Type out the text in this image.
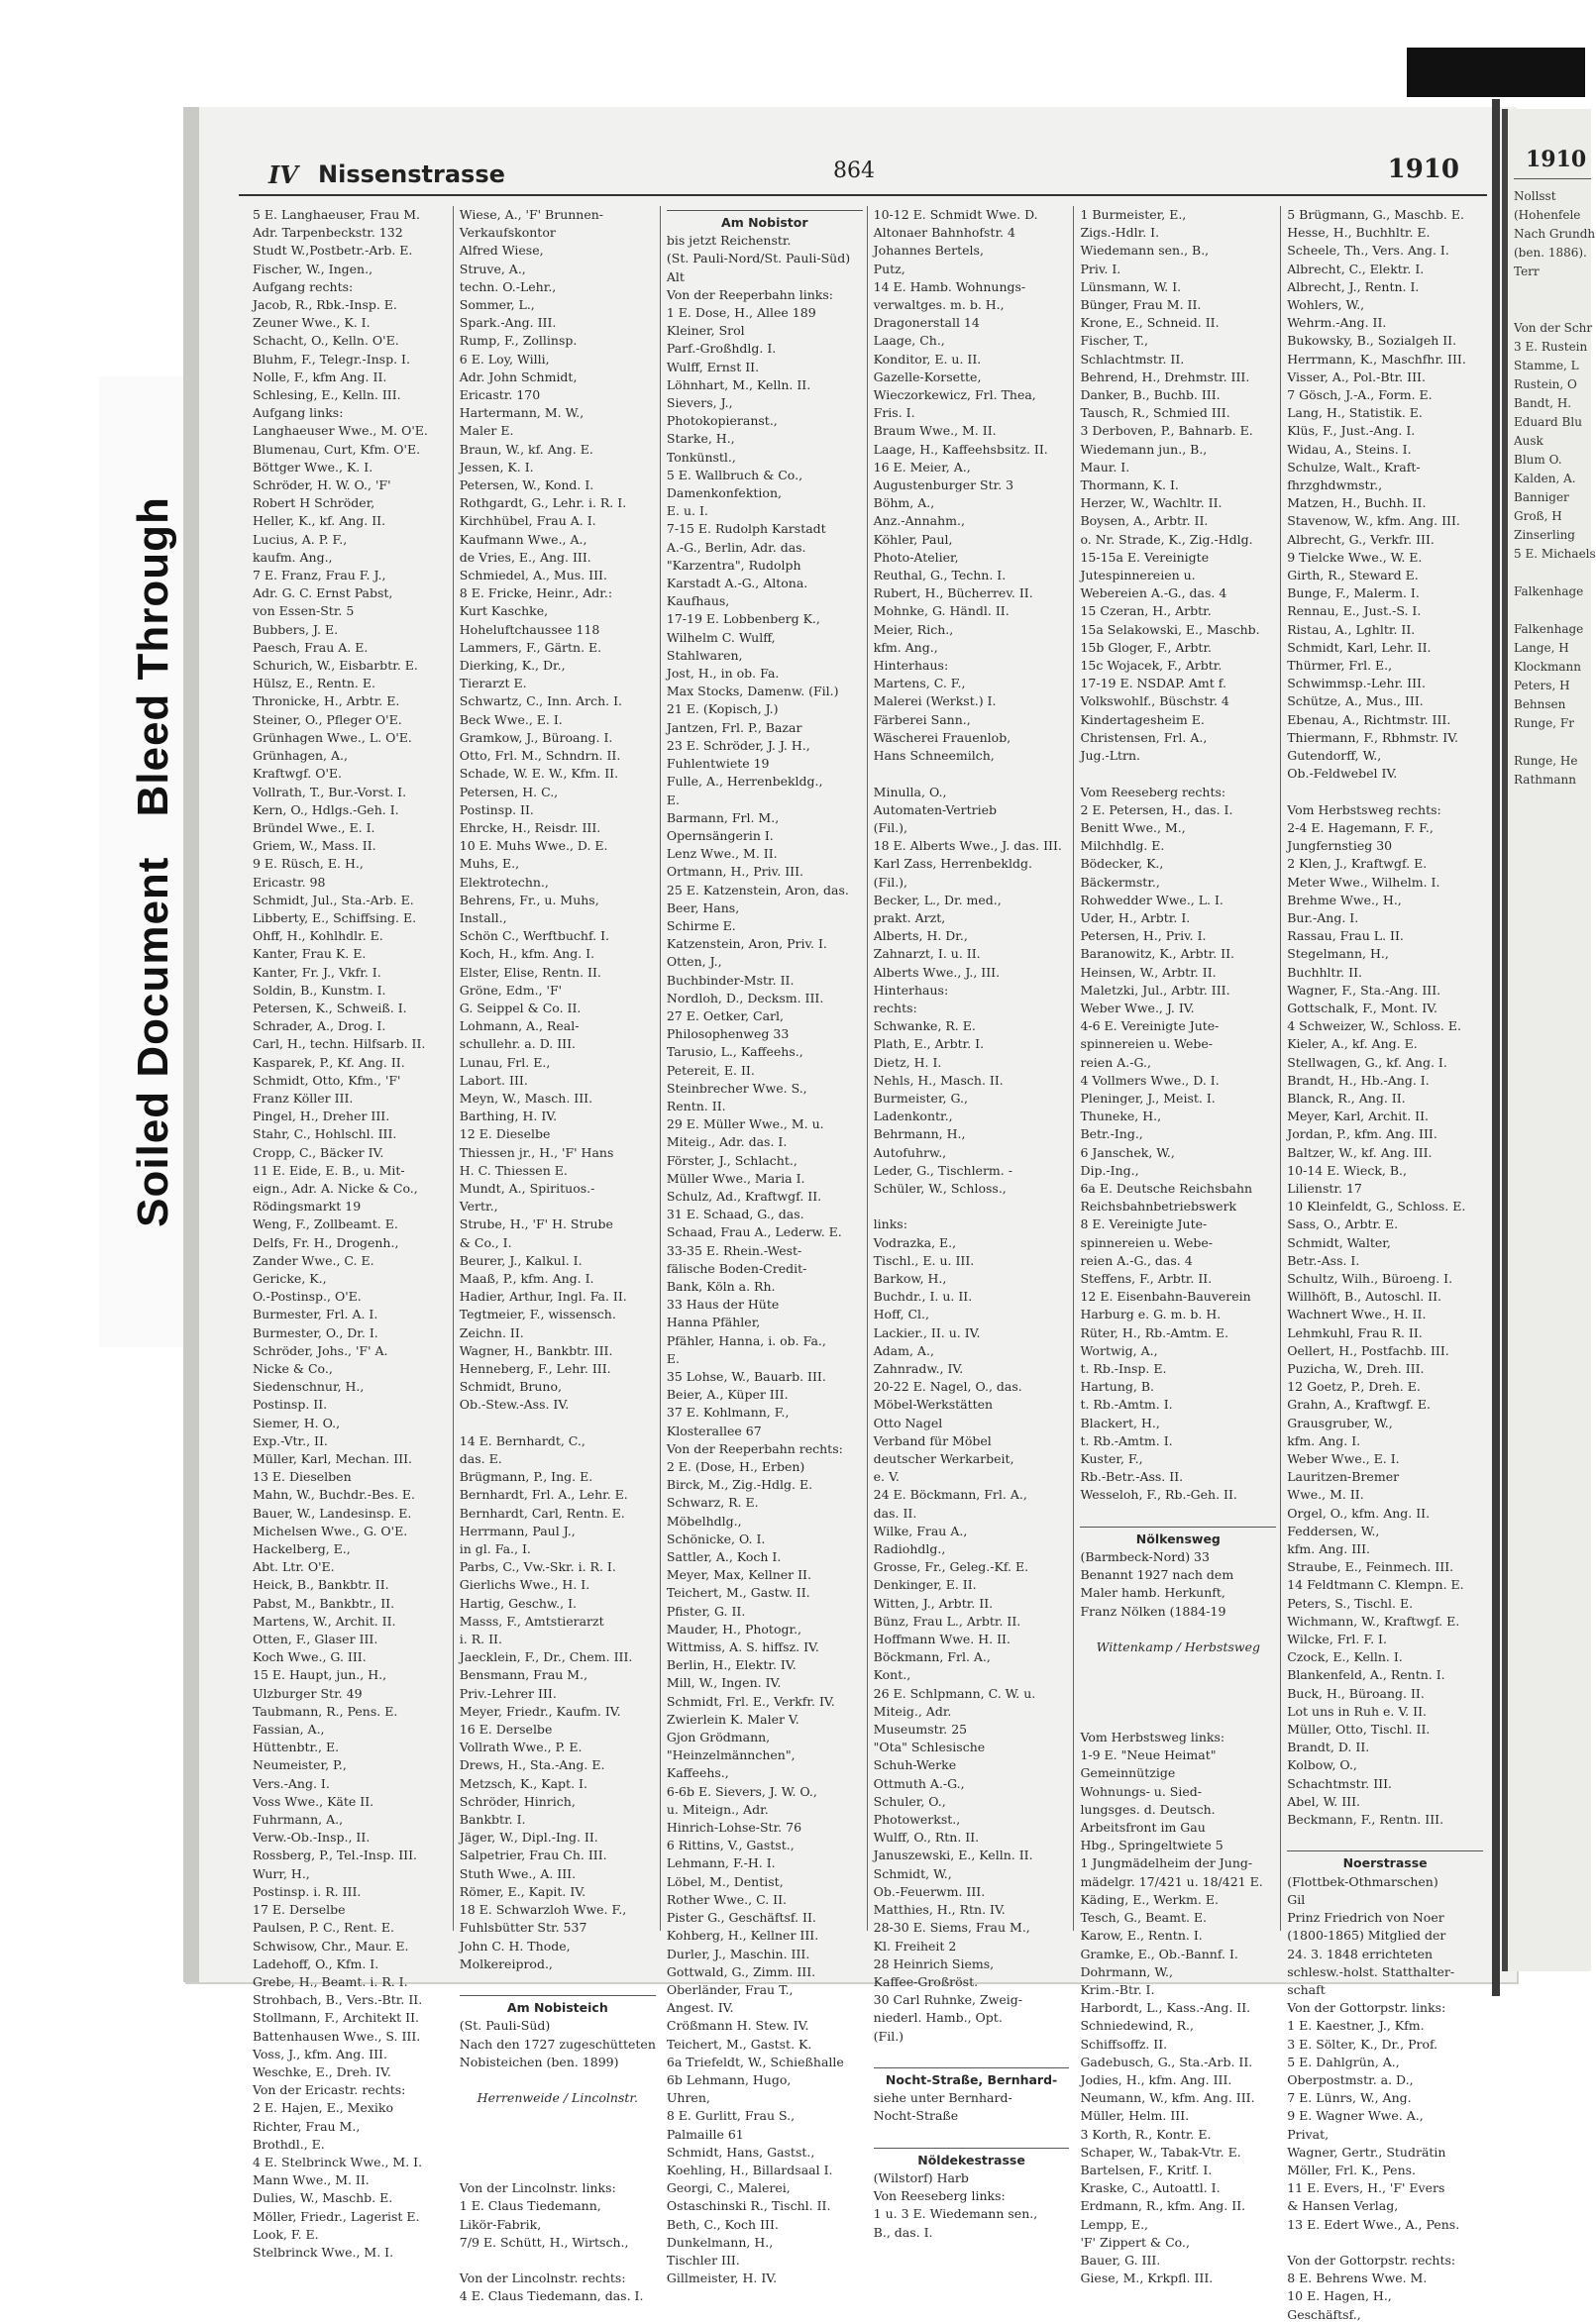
Soiled DocumentBleed Through
IV Nissenstrasse	864	1910
5 E. Langhaeuser, Frau M.
Adr. Tarpenbeckstr. 132
Studt W.,Postbetr.-Arb. E.
Fischer, W., Ingen.,
Aufgang rechts:
Jacob, R., Rbk.-Insp. E.
Zeuner Wwe., K. I.
Schacht, O., Kelln. O'E.
Bluhm, F., Telegr.-Insp. I.
Nolle, F., kfm Ang. II.
Schlesing, E., Kelln. III.
Aufgang links:
Langhaeuser Wwe., M. O'E.
Blumenau, Curt, Kfm. O'E.
Böttger Wwe., K. I.
Schröder, H. W. O., 'F'
Robert H Schröder,
Heller, K., kf. Ang. II.
Lucius, A. P. F.,
kaufm. Ang.,
7 E. Franz, Frau F. J.,
Adr. G. C. Ernst Pabst,
von Essen-Str. 5
Bubbers, J. E.
Paesch, Frau A. E.
Schurich, W., Eisbarbtr. E.
Hülsz, E., Rentn. E.
Thronicke, H., Arbtr. E.
Steiner, O., Pfleger O'E.
Grünhagen Wwe., L. O'E.
Grünhagen, A.,
Kraftwgf. O'E.
Vollrath, T., Bur.-Vorst. I.
Kern, O., Hdlgs.-Geh. I.
Bründel Wwe., E. I.
Griem, W., Mass. II.
9 E. Rüsch, E. H.,
Ericastr. 98
Schmidt, Jul., Sta.-Arb. E.
Libberty, E., Schiffsing. E.
Ohff, H., Kohlhdlr. E.
Kanter, Frau K. E.
Kanter, Fr. J., Vkfr. I.
Soldin, B., Kunstm. I.
Petersen, K., Schweiß. I.
Schrader, A., Drog. I.
Carl, H., techn. Hilfsarb. II.
Kasparek, P., Kf. Ang. II.
Schmidt, Otto, Kfm., 'F'
Franz Köller III.
Pingel, H., Dreher III.
Stahr, C., Hohlschl. III.
Cropp, C., Bäcker IV.
11 E. Eide, E. B., u. Mit-
eign., Adr. A. Nicke & Co.,
Rödingsmarkt 19
Weng, F., Zollbeamt. E.
Delfs, Fr. H., Drogenh.,
Zander Wwe., C. E.
Gericke, K.,
O.-Postinsp., O'E.
Burmester, Frl. A. I.
Burmester, O., Dr. I.
Schröder, Johs., 'F' A.
Nicke & Co.,
Siedenschnur, H.,
Postinsp. II.
Siemer, H. O.,
Exp.-Vtr., II.
Müller, Karl, Mechan. III.
13 E. Dieselben
Mahn, W., Buchdr.-Bes. E.
Bauer, W., Landesinsp. E.
Michelsen Wwe., G. O'E.
Hackelberg, E.,
Abt. Ltr. O'E.
Heick, B., Bankbtr. II.
Pabst, M., Bankbtr., II.
Martens, W., Archit. II.
Otten, F., Glaser III.
Koch Wwe., G. III.
15 E. Haupt, jun., H.,
Ulzburger Str. 49
Taubmann, R., Pens. E.
Fassian, A.,
Hüttenbtr., E.
Neumeister, P.,
Vers.-Ang. I.
Voss Wwe., Käte II.
Fuhrmann, A.,
Verw.-Ob.-Insp., II.
Rossberg, P., Tel.-Insp. III.
Wurr, H.,
Postinsp. i. R. III.
17 E. Derselbe
Paulsen, P. C., Rent. E.
Schwisow, Chr., Maur. E.
Ladehoff, O., Kfm. I.
Grebe, H., Beamt. i. R. I.
Strohbach, B., Vers.-Btr. II.
Stollmann, F., Architekt II.
Battenhausen Wwe., S. III.
Voss, J., kfm. Ang. III.
Weschke, E., Dreh. IV.
Von der Ericastr. rechts:
2 E. Hajen, E., Mexiko
Richter, Frau M.,
Brothdl., E.
4 E. Stelbrinck Wwe., M. I.
Mann Wwe., M. II.
Dulies, W., Maschb. E.
Möller, Friedr., Lagerist E.
Look, F. E.
Stelbrinck Wwe., M. I.
Wiese, A., 'F' Brunnen-
Verkaufskontor
Alfred Wiese,
Struve, A.,
techn. O.-Lehr.,
Sommer, L.,
Spark.-Ang. III.
Rump, F., Zollinsp.
6 E. Loy, Willi,
Adr. John Schmidt,
Ericastr. 170
Hartermann, M. W.,
Maler E.
Braun, W., kf. Ang. E.
Jessen, K. I.
Petersen, W., Kond. I.
Rothgardt, G., Lehr. i. R. I.
Kirchhübel, Frau A. I.
Kaufmann Wwe., A.,
de Vries, E., Ang. III.
Schmiedel, A., Mus. III.
8 E. Fricke, Heinr., Adr.:
Kurt Kaschke,
Hoheluftchaussee 118
Lammers, F., Gärtn. E.
Dierking, K., Dr.,
Tierarzt E.
Schwartz, C., Inn. Arch. I.
Beck Wwe., E. I.
Gramkow, J., Büroang. I.
Otto, Frl. M., Schndrn. II.
Schade, W. E. W., Kfm. II.
Petersen, H. C.,
Postinsp. II.
Ehrcke, H., Reisdr. III.
10 E. Muhs Wwe., D. E.
Muhs, E.,
Elektrotechn.,
Behrens, Fr., u. Muhs,
Install.,
Schön C., Werftbuchf. I.
Koch, H., kfm. Ang. I.
Elster, Elise, Rentn. II.
Gröne, Edm., 'F'
G. Seippel & Co. II.
Lohmann, A., Real-
schullehr. a. D. III.
Lunau, Frl. E.,
Labort. III.
Meyn, W., Masch. III.
Barthing, H. IV.
12 E. Dieselbe
Thiessen jr., H., 'F' Hans
H. C. Thiessen E.
Mundt, A., Spirituos.-
Vertr.,
Strube, H., 'F' H. Strube
& Co., I.
Beurer, J., Kalkul. I.
Maaß, P., kfm. Ang. I.
Hadier, Arthur, Ingl. Fa. II.
Tegtmeier, F., wissensch.
Zeichn. II.
Wagner, H., Bankbtr. III.
Henneberg, F., Lehr. III.
Schmidt, Bruno,
Ob.-Stew.-Ass. IV.

14 E. Bernhardt, C.,
das. E.
Brügmann, P., Ing. E.
Bernhardt, Frl. A., Lehr. E.
Bernhardt, Carl, Rentn. E.
Herrmann, Paul J.,
in gl. Fa., I.
Parbs, C., Vw.-Skr. i. R. I.
Gierlichs Wwe., H. I.
Hartig, Geschw., I.
Masss, F., Amtstierarzt
i. R. II.
Jaecklein, F., Dr., Chem. III.
Bensmann, Frau M.,
Priv.-Lehrer III.
Meyer, Friedr., Kaufm. IV.
16 E. Derselbe
Vollrath Wwe., P. E.
Drews, H., Sta.-Ang. E.
Metzsch, K., Kapt. I.
Schröder, Hinrich,
Bankbtr. I.
Jäger, W., Dipl.-Ing. II.
Salpetrier, Frau Ch. III.
Stuth Wwe., A. III.
Römer, E., Kapit. IV.
18 E. Schwarzloh Wwe. F.,
Fuhlsbütter Str. 537
John C. H. Thode,
Molkereiprod.,

Am Nobisteich
(St. Pauli-Süd)
Nach den 1727 zugeschütteten
Nobisteichen (ben. 1899)

Herrenweide / Lincolnstr.

Von der Lincolnstr. links:
1 E. Claus Tiedemann,
Likör-Fabrik,
7/9 E. Schütt, H., Wirtsch.,

Von der Lincolnstr. rechts:
4 E. Claus Tiedemann, das. I.
Am Nobistor
bis jetzt Reichenstr.
(St. Pauli-Nord/St. Pauli-Süd)
Alt
Von der Reeperbahn links:
1 E. Dose, H., Allee 189
Kleiner, Srol
Parf.-Großhdlg. I.
Wulff, Ernst II.
Löhnhart, M., Kelln. II.
Sievers, J.,
Photokopieranst.,
Starke, H.,
Tonkünstl.,
5 E. Wallbruch & Co.,
Damenkonfektion,
E. u. I.
7-15 E. Rudolph Karstadt
A.-G., Berlin, Adr. das.
"Karzentra", Rudolph
Karstadt A.-G., Altona.
Kaufhaus,
17-19 E. Lobbenberg K.,
Wilhelm C. Wulff,
Stahlwaren,
Jost, H., in ob. Fa.
Max Stocks, Damenw. (Fil.)
21 E. (Kopisch, J.)
Jantzen, Frl. P., Bazar
23 E. Schröder, J. J. H.,
Fuhlentwiete 19
Fulle, A., Herrenbekldg.,
E.
Barmann, Frl. M.,
Opernsängerin I.
Lenz Wwe., M. II.
Ortmann, H., Priv. III.
25 E. Katzenstein, Aron, das.
Beer, Hans,
Schirme E.
Katzenstein, Aron, Priv. I.
Otten, J.,
Buchbinder-Mstr. II.
Nordloh, D., Decksm. III.
27 E. Oetker, Carl,
Philosophenweg 33
Tarusio, L., Kaffeehs.,
Petereit, E. II.
Steinbrecher Wwe. S.,
Rentn. II.
29 E. Müller Wwe., M. u.
Miteig., Adr. das. I.
Förster, J., Schlacht.,
Müller Wwe., Maria I.
Schulz, Ad., Kraftwgf. II.
31 E. Schaad, G., das.
Schaad, Frau A., Lederw. E.
33-35 E. Rhein.-West-
fälische Boden-Credit-
Bank, Köln a. Rh.
33 Haus der Hüte
Hanna Pfähler,
Pfähler, Hanna, i. ob. Fa.,
E.
35 Lohse, W., Bauarb. III.
Beier, A., Küper III.
37 E. Kohlmann, F.,
Klosterallee 67
Von der Reeperbahn rechts:
2 E. (Dose, H., Erben)
Birck, M., Zig.-Hdlg. E.
Schwarz, R. E.
Möbelhdlg.,
Schönicke, O. I.
Sattler, A., Koch I.
Meyer, Max, Kellner II.
Teichert, M., Gastw. II.
Pfister, G. II.
Mauder, H., Photogr.,
Wittmiss, A. S. hiffsz. IV.
Berlin, H., Elektr. IV.
Mill, W., Ingen. IV.
Schmidt, Frl. E., Verkfr. IV.
Zwierlein K. Maler V.
Gjon Grödmann,
"Heinzelmännchen",
Kaffeehs.,
6-6b E. Sievers, J. W. O.,
u. Miteign., Adr.
Hinrich-Lohse-Str. 76
6 Rittins, V., Gastst.,
Lehmann, F.-H. I.
Löbel, M., Dentist,
Rother Wwe., C. II.
Pister G., Geschäftsf. II.
Kohberg, H., Kellner III.
Durler, J., Maschin. III.
Gottwald, G., Zimm. III.
Oberländer, Frau T.,
Angest. IV.
Crößmann H. Stew. IV.
Teichert, M., Gastst. K.
6a Triefeldt, W., Schießhalle
6b Lehmann, Hugo,
Uhren,
8 E. Gurlitt, Frau S.,
Palmaille 61
Schmidt, Hans, Gastst.,
Koehling, H., Billardsaal I.
Georgi, C., Malerei,
Ostaschinski R., Tischl. II.
Beth, C., Koch III.
Dunkelmann, H.,
Tischler III.
Gillmeister, H. IV.
10-12 E. Schmidt Wwe. D.
Altonaer Bahnhofstr. 4
Johannes Bertels,
Putz,
14 E. Hamb. Wohnungs-
verwaltges. m. b. H.,
Dragonerstall 14
Laage, Ch.,
Konditor, E. u. II.
Gazelle-Korsette,
Wieczorkewicz, Frl. Thea,
Fris. I.
Braum Wwe., M. II.
Laage, H., Kaffeehsbsitz. II.
16 E. Meier, A.,
Augustenburger Str. 3
Böhm, A.,
Anz.-Annahm.,
Köhler, Paul,
Photo-Atelier,
Reuthal, G., Techn. I.
Rubert, H., Bücherrev. II.
Mohnke, G. Händl. II.
Meier, Rich.,
kfm. Ang.,
Hinterhaus:
Martens, C. F.,
Malerei (Werkst.) I.
Färberei Sann.,
Wäscherei Frauenlob,
Hans Schneemilch,

Minulla, O.,
Automaten-Vertrieb
(Fil.),
18 E. Alberts Wwe., J. das. III.
Karl Zass, Herrenbekldg.
(Fil.),
Becker, L., Dr. med.,
prakt. Arzt,
Alberts, H. Dr.,
Zahnarzt, I. u. II.
Alberts Wwe., J., III.
Hinterhaus:
rechts:
Schwanke, R. E.
Plath, E., Arbtr. I.
Dietz, H. I.
Nehls, H., Masch. II.
Burmeister, G.,
Ladenkontr.,
Behrmann, H.,
Autofuhrw.,
Leder, G., Tischlerm. -
Schüler, W., Schloss.,

links:
Vodrazka, E.,
Tischl., E. u. III.
Barkow, H.,
Buchdr., I. u. II.
Hoff, Cl.,
Lackier., II. u. IV.
Adam, A.,
Zahnradw., IV.
20-22 E. Nagel, O., das.
Möbel-Werkstätten
Otto Nagel
Verband für Möbel
deutscher Werkarbeit,
e. V.
24 E. Böckmann, Frl. A.,
das. II.
Wilke, Frau A.,
Radiohdlg.,
Grosse, Fr., Geleg.-Kf. E.
Denkinger, E. II.
Witten, J., Arbtr. II.
Bünz, Frau L., Arbtr. II.
Hoffmann Wwe. H. II.
Böckmann, Frl. A.,
Kont.,
26 E. Schlpmann, C. W. u.
Miteig., Adr.
Museumstr. 25
"Ota" Schlesische
Schuh-Werke
Ottmuth A.-G.,
Schuler, O.,
Photowerkst.,
Wulff, O., Rtn. II.
Januszewski, E., Kelln. II.
Schmidt, W.,
Ob.-Feuerwm. III.
Matthies, H., Rtn. IV.
28-30 E. Siems, Frau M.,
Kl. Freiheit 2
28 Heinrich Siems,
Kaffee-Großröst.
30 Carl Ruhnke, Zweig-
niederl. Hamb., Opt.
(Fil.)

Nocht-Straße, Bernhard-
siehe unter Bernhard-
Nocht-Straße

Nöldekestrasse
(Wilstorf) Harb
Von Reeseberg links:
1 u. 3 E. Wiedemann sen.,
B., das. I.
1 Burmeister, E.,
Zigs.-Hdlr. I.
Wiedemann sen., B.,
Priv. I.
Lünsmann, W. I.
Bünger, Frau M. II.
Krone, E., Schneid. II.
Fischer, T.,
Schlachtmstr. II.
Behrend, H., Drehmstr. III.
Danker, B., Buchb. III.
Tausch, R., Schmied III.
3 Derboven, P., Bahnarb. E.
Wiedemann jun., B.,
Maur. I.
Thormann, K. I.
Herzer, W., Wachltr. II.
Boysen, A., Arbtr. II.
o. Nr. Strade, K., Zig.-Hdlg.
15-15a E. Vereinigte
Jutespinnereien u.
Webereien A.-G., das. 4
15 Czeran, H., Arbtr.
15a Selakowski, E., Maschb.
15b Gloger, F., Arbtr.
15c Wojacek, F., Arbtr.
17-19 E. NSDAP. Amt f.
Volkswohlf., Büschstr. 4
Kindertagesheim E.
Christensen, Frl. A.,
Jug.-Ltrn.

Vom Reeseberg rechts:
2 E. Petersen, H., das. I.
Benitt Wwe., M.,
Milchhdlg. E.
Bödecker, K.,
Bäckermstr.,
Rohwedder Wwe., L. I.
Uder, H., Arbtr. I.
Petersen, H., Priv. I.
Baranowitz, K., Arbtr. II.
Heinsen, W., Arbtr. II.
Maletzki, Jul., Arbtr. III.
Weber Wwe., J. IV.
4-6 E. Vereinigte Jute-
spinnereien u. Webe-
reien A.-G.,
4 Vollmers Wwe., D. I.
Pleninger, J., Meist. I.
Thuneke, H.,
Betr.-Ing.,
6 Janschek, W.,
Dip.-Ing.,
6a E. Deutsche Reichsbahn
Reichsbahnbetriebswerk
8 E. Vereinigte Jute-
spinnereien u. Webe-
reien A.-G., das. 4
Steffens, F., Arbtr. II.
12 E. Eisenbahn-Bauverein
Harburg e. G. m. b. H.
Rüter, H., Rb.-Amtm. E.
Wortwig, A.,
t. Rb.-Insp. E.
Hartung, B.
t. Rb.-Amtm. I.
Blackert, H.,
t. Rb.-Amtm. I.
Kuster, F.,
Rb.-Betr.-Ass. II.
Wesseloh, F., Rb.-Geh. II.

Nölkensweg
(Barmbeck-Nord) 33
Benannt 1927 nach dem
Maler hamb. Herkunft,
Franz Nölken (1884-19

Wittenkamp / Herbstsweg

Vom Herbstsweg links:
1-9 E. "Neue Heimat"
Gemeinnützige
Wohnungs- u. Sied-
lungsges. d. Deutsch.
Arbeitsfront im Gau
Hbg., Springeltwiete 5
1 Jungmädelheim der Jung-
mädelgr. 17/421 u. 18/421 E.
Käding, E., Werkm. E.
Tesch, G., Beamt. E.
Karow, E., Rentn. I.
Gramke, E., Ob.-Bannf. I.
Dohrmann, W.,
Krim.-Btr. I.
Harbordt, L., Kass.-Ang. II.
Schniedewind, R.,
Schiffsoffz. II.
Gadebusch, G., Sta.-Arb. II.
Jodies, H., kfm. Ang. III.
Neumann, W., kfm. Ang. III.
Müller, Helm. III.
3 Korth, R., Kontr. E.
Schaper, W., Tabak-Vtr. E.
Bartelsen, F., Kritf. I.
Kraske, C., Autoattl. I.
Erdmann, R., kfm. Ang. II.
Lempp, E.,
'F' Zippert & Co.,
Bauer, G. III.
Giese, M., Krkpfl. III.
5 Brügmann, G., Maschb. E.
Hesse, H., Buchhltr. E.
Scheele, Th., Vers. Ang. I.
Albrecht, C., Elektr. I.
Albrecht, J., Rentn. I.
Wohlers, W.,
Wehrm.-Ang. II.
Bukowsky, B., Sozialgeh II.
Herrmann, K., Maschfhr. III.
Visser, A., Pol.-Btr. III.
7 Gösch, J.-A., Form. E.
Lang, H., Statistik. E.
Klüs, F., Just.-Ang. I.
Widau, A., Steins. I.
Schulze, Walt., Kraft-
fhrzghdwmstr.,
Matzen, H., Buchh. II.
Stavenow, W., kfm. Ang. III.
Albrecht, G., Verkfr. III.
9 Tielcke Wwe., W. E.
Girth, R., Steward E.
Bunge, F., Malerm. I.
Rennau, E., Just.-S. I.
Ristau, A., Lghltr. II.
Schmidt, Karl, Lehr. II.
Thürmer, Frl. E.,
Schwimmsp.-Lehr. III.
Schütze, A., Mus., III.
Ebenau, A., Richtmstr. III.
Thiermann, F., Rbhmstr. IV.
Gutendorff, W.,
Ob.-Feldwebel IV.

Vom Herbstsweg rechts:
2-4 E. Hagemann, F. F.,
Jungfernstieg 30
2 Klen, J., Kraftwgf. E.
Meter Wwe., Wilhelm. I.
Brehme Wwe., H.,
Bur.-Ang. I.
Rassau, Frau L. II.
Stegelmann, H.,
Buchhltr. II.
Wagner, F., Sta.-Ang. III.
Gottschalk, F., Mont. IV.
4 Schweizer, W., Schloss. E.
Kieler, A., kf. Ang. E.
Stellwagen, G., kf. Ang. I.
Brandt, H., Hb.-Ang. I.
Blanck, R., Ang. II.
Meyer, Karl, Archit. II.
Jordan, P., kfm. Ang. III.
Baltzer, W., kf. Ang. III.
10-14 E. Wieck, B.,
Lilienstr. 17
10 Kleinfeldt, G., Schloss. E.
Sass, O., Arbtr. E.
Schmidt, Walter,
Betr.-Ass. I.
Schultz, Wilh., Büroeng. I.
Willhöft, B., Autoschl. II.
Wachnert Wwe., H. II.
Lehmkuhl, Frau R. II.
Oellert, H., Postfachb. III.
Puzicha, W., Dreh. III.
12 Goetz, P., Dreh. E.
Grahn, A., Kraftwgf. E.
Grausgruber, W.,
kfm. Ang. I.
Weber Wwe., E. I.
Lauritzen-Bremer
Wwe., M. II.
Orgel, O., kfm. Ang. II.
Feddersen, W.,
kfm. Ang. III.
Straube, E., Feinmech. III.
14 Feldtmann C. Klempn. E.
Peters, S., Tischl. E.
Wichmann, W., Kraftwgf. E.
Wilcke, Frl. F. I.
Czock, E., Kelln. I.
Blankenfeld, A., Rentn. I.
Buck, H., Büroang. II.
Lot uns in Ruh e. V. II.
Müller, Otto, Tischl. II.
Brandt, D. II.
Kolbow, O.,
Schachtmstr. III.
Abel, W. III.
Beckmann, F., Rentn. III.

Noerstrasse
(Flottbek-Othmarschen)
Gil
Prinz Friedrich von Noer
(1800-1865) Mitglied der
24. 3. 1848 errichteten
schlesw.-holst. Statthalter-
schaft
Von der Gottorpstr. links:
1 E. Kaestner, J., Kfm.
3 E. Sölter, K., Dr., Prof.
5 E. Dahlgrün, A.,
Oberpostmstr. a. D.,
7 E. Lünrs, W., Ang.
9 E. Wagner Wwe. A.,
Privat,
Wagner, Gertr., Studrätin
Möller, Frl. K., Pens.
11 E. Evers, H., 'F' Evers
& Hansen Verlag,
13 E. Edert Wwe., A., Pens.

Von der Gottorpstr. rechts:
8 E. Behrens Wwe. M.
10 E. Hagen, H.,
Geschäftsf.,
1910
Nollsst
(Hohenfele
Nach Grundh
(ben. 1886).
Terr

Von der Schr
3 E. Rustein
Stamme, L
Rustein, O
Bandt, H.
Eduard Blu
Ausk
Blum O.
Kalden, A.
Banniger
Groß, H
Zinserling
5 E. Michaels

Falkenhage

Falkenhage
Lange, H
Klockmann
Peters, H
Behnsen
Runge, Fr

Runge, He
Rathmann
